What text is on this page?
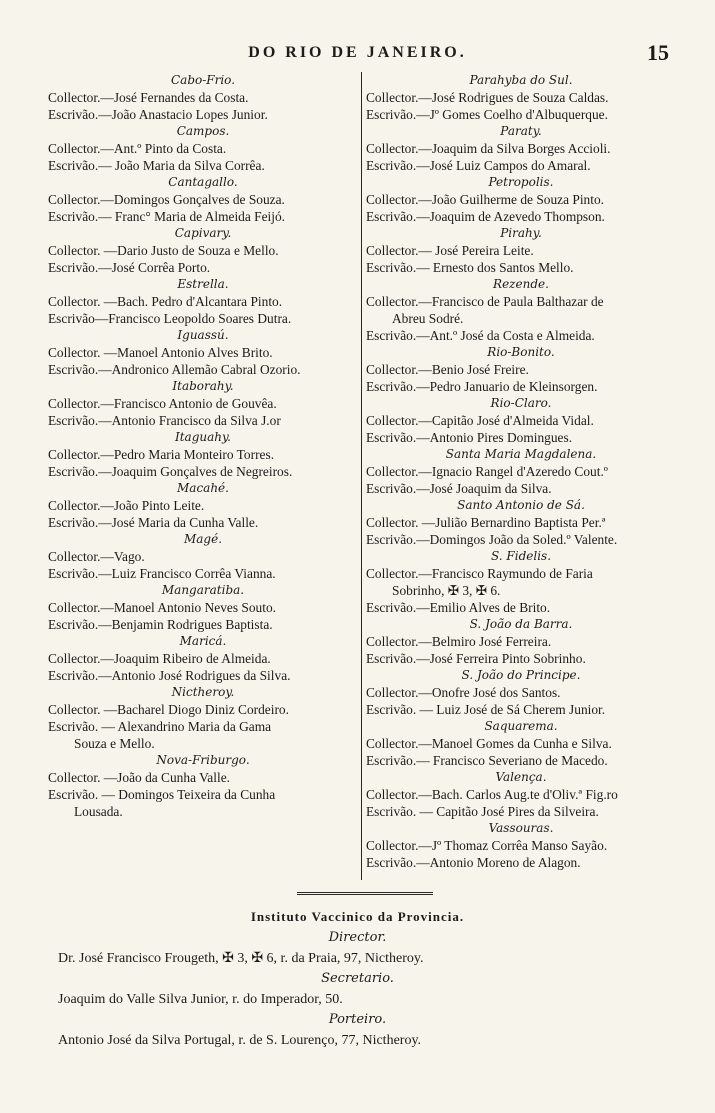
DO RIO DE JANEIRO.	15
Cabo-Frio.
Collector.—José Fernandes da Costa.
Escrivão.—João Anastacio Lopes Junior.
Campos.
Collector.—Ant.º Pinto da Costa.
Escrivão.— João Maria da Silva Corrêa.
Cantagallo.
Collector.—Domingos Gonçalves de Souza.
Escrivão.— Franc° Maria de Almeida Feijó.
Capivary.
Collector. —Dario Justo de Souza e Mello.
Escrivão.—José Corrêa Porto.
Estrella.
Collector. —Bach. Pedro d'Alcantara Pinto.
Escrivão—Francisco Leopoldo Soares Dutra.
Iguassú.
Collector. —Manoel Antonio Alves Brito.
Escrivão.—Andronico Allemão Cabral Ozorio.
Itaborahy.
Collector.—Francisco Antonio de Gouvêa.
Escrivão.—Antonio Francisco da Silva J.or
Itaguahy.
Collector.—Pedro Maria Monteiro Torres.
Escrivão.—Joaquim Gonçalves de Negreiros.
Macahé.
Collector.—João Pinto Leite.
Escrivão.—José Maria da Cunha Valle.
Magé.
Collector.—Vago.
Escrivão.—Luiz Francisco Corrêa Vianna.
Mangaratiba.
Collector.—Manoel Antonio Neves Souto.
Escrivão.—Benjamin Rodrigues Baptista.
Maricá.
Collector.—Joaquim Ribeiro de Almeida.
Escrivão.—Antonio José Rodrigues da Silva.
Nictheroy.
Collector. —Bacharel Diogo Diniz Cordeiro.
Escrivão. — Alexandrino Maria da Gama
Souza e Mello.
Nova-Friburgo.
Collector. —João da Cunha Valle.
Escrivão. — Domingos Teixeira da Cunha
Lousada.
Parahyba do Sul.
Collector.—José Rodrigues de Souza Caldas.
Escrivão.—Jº Gomes Coelho d'Albuquerque.
Paraty.
Collector.—Joaquim da Silva Borges Accioli.
Escrivão.—José Luiz Campos do Amaral.
Petropolis.
Collector.—João Guilherme de Souza Pinto.
Escrivão.—Joaquim de Azevedo Thompson.
Pirahy.
Collector.— José Pereira Leite.
Escrivão.— Ernesto dos Santos Mello.
Rezende.
Collector.—Francisco de Paula Balthazar de
Abreu Sodré.
Escrivão.—Ant.º José da Costa e Almeida.
Rio-Bonito.
Collector.—Benio José Freire.
Escrivão.—Pedro Januario de Kleinsorgen.
Rio-Claro.
Collector.—Capitão José d'Almeida Vidal.
Escrivão.—Antonio Pires Domingues.
Santa Maria Magdalena.
Collector.—Ignacio Rangel d'Azeredo Cout.º
Escrivão.—José Joaquim da Silva.
Santo Antonio de Sá.
Collector. —Julião Bernardino Baptista Per.ª
Escrivão.—Domingos João da Soled.º Valente.
S. Fidelis.
Collector.—Francisco Raymundo de Faria
Sobrinho, ✠ 3, ✠ 6.
Escrivão.—Emilio Alves de Brito.
S. João da Barra.
Collector.—Belmiro José Ferreira.
Escrivão.—José Ferreira Pinto Sobrinho.
S. João do Principe.
Collector.—Onofre José dos Santos.
Escrivão. — Luiz José de Sá Cherem Junior.
Saquarema.
Collector.—Manoel Gomes da Cunha e Silva.
Escrivão.— Francisco Severiano de Macedo.
Valença.
Collector.—Bach. Carlos Aug.te d'Oliv.ª Fig.ro
Escrivão. — Capitão José Pires da Silveira.
Vassouras.
Collector.—Jº Thomaz Corrêa Manso Sayão.
Escrivão.—Antonio Moreno de Alagon.
Instituto Vaccinico da Provincia.
Director.
Dr. José Francisco Frougeth, ✠ 3, ✠ 6, r. da Praia, 97, Nictheroy.
Secretario.
Joaquim do Valle Silva Junior, r. do Imperador, 50.
Porteiro.
Antonio José da Silva Portugal, r. de S. Lourenço, 77, Nictheroy.
